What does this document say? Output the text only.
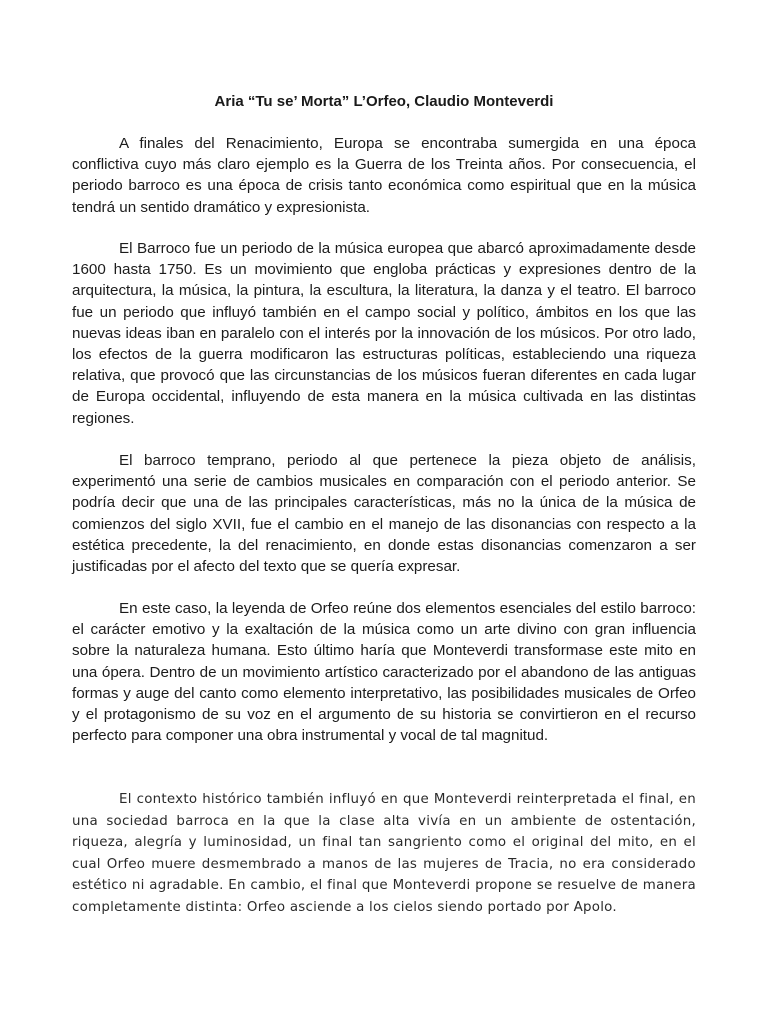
Aria “Tu se’ Morta” L’Orfeo, Claudio Monteverdi

A finales del Renacimiento, Europa se encontraba sumergida en una época conflictiva cuyo más claro ejemplo es la Guerra de los Treinta años. Por consecuencia, el periodo barroco es una época de crisis tanto económica como espiritual que en la música tendrá un sentido dramático y expresionista.

El Barroco fue un periodo de la música europea que abarcó aproximadamente desde 1600 hasta 1750. Es un movimiento que engloba prácticas y expresiones dentro de la arquitectura, la música, la pintura, la escultura, la literatura, la danza y el teatro. El barroco fue un periodo que influyó también en el campo social y político, ámbitos en los que las nuevas ideas iban en paralelo con el interés por la innovación de los músicos. Por otro lado, los efectos de la guerra modificaron las estructuras políticas, estableciendo una riqueza relativa, que provocó que las circunstancias de los músicos fueran diferentes en cada lugar de Europa occidental, influyendo de esta manera en la música cultivada en las distintas regiones.

El barroco temprano, periodo al que pertenece la pieza objeto de análisis, experimentó una serie de cambios musicales en comparación con el periodo anterior. Se podría decir que una de las principales características, más no la única de la música de comienzos del siglo XVII, fue el cambio en el manejo de las disonancias con respecto a la estética precedente, la del renacimiento, en donde estas disonancias comenzaron a ser justificadas por el afecto del texto que se quería expresar.

En este caso, la leyenda de Orfeo reúne dos elementos esenciales del estilo barroco: el carácter emotivo y la exaltación de la música como un arte divino con gran influencia sobre la naturaleza humana. Esto último haría que Monteverdi transformase este mito en una ópera. Dentro de un movimiento artístico caracterizado por el abandono de las antiguas formas y auge del canto como elemento interpretativo, las posibilidades musicales de Orfeo y el protagonismo de su voz en el argumento de su historia se convirtieron en el recurso perfecto para componer una obra instrumental y vocal de tal magnitud.

El contexto histórico también influyó en que Monteverdi reinterpretada el final, en una sociedad barroca en la que la clase alta vivía en un ambiente de ostentación, riqueza, alegría y luminosidad, un final tan sangriento como el original del mito, en el cual Orfeo muere desmembrado a manos de las mujeres de Tracia, no era considerado estético ni agradable. En cambio, el final que Monteverdi propone se resuelve de manera completamente distinta: Orfeo asciende a los cielos siendo portado por Apolo.
